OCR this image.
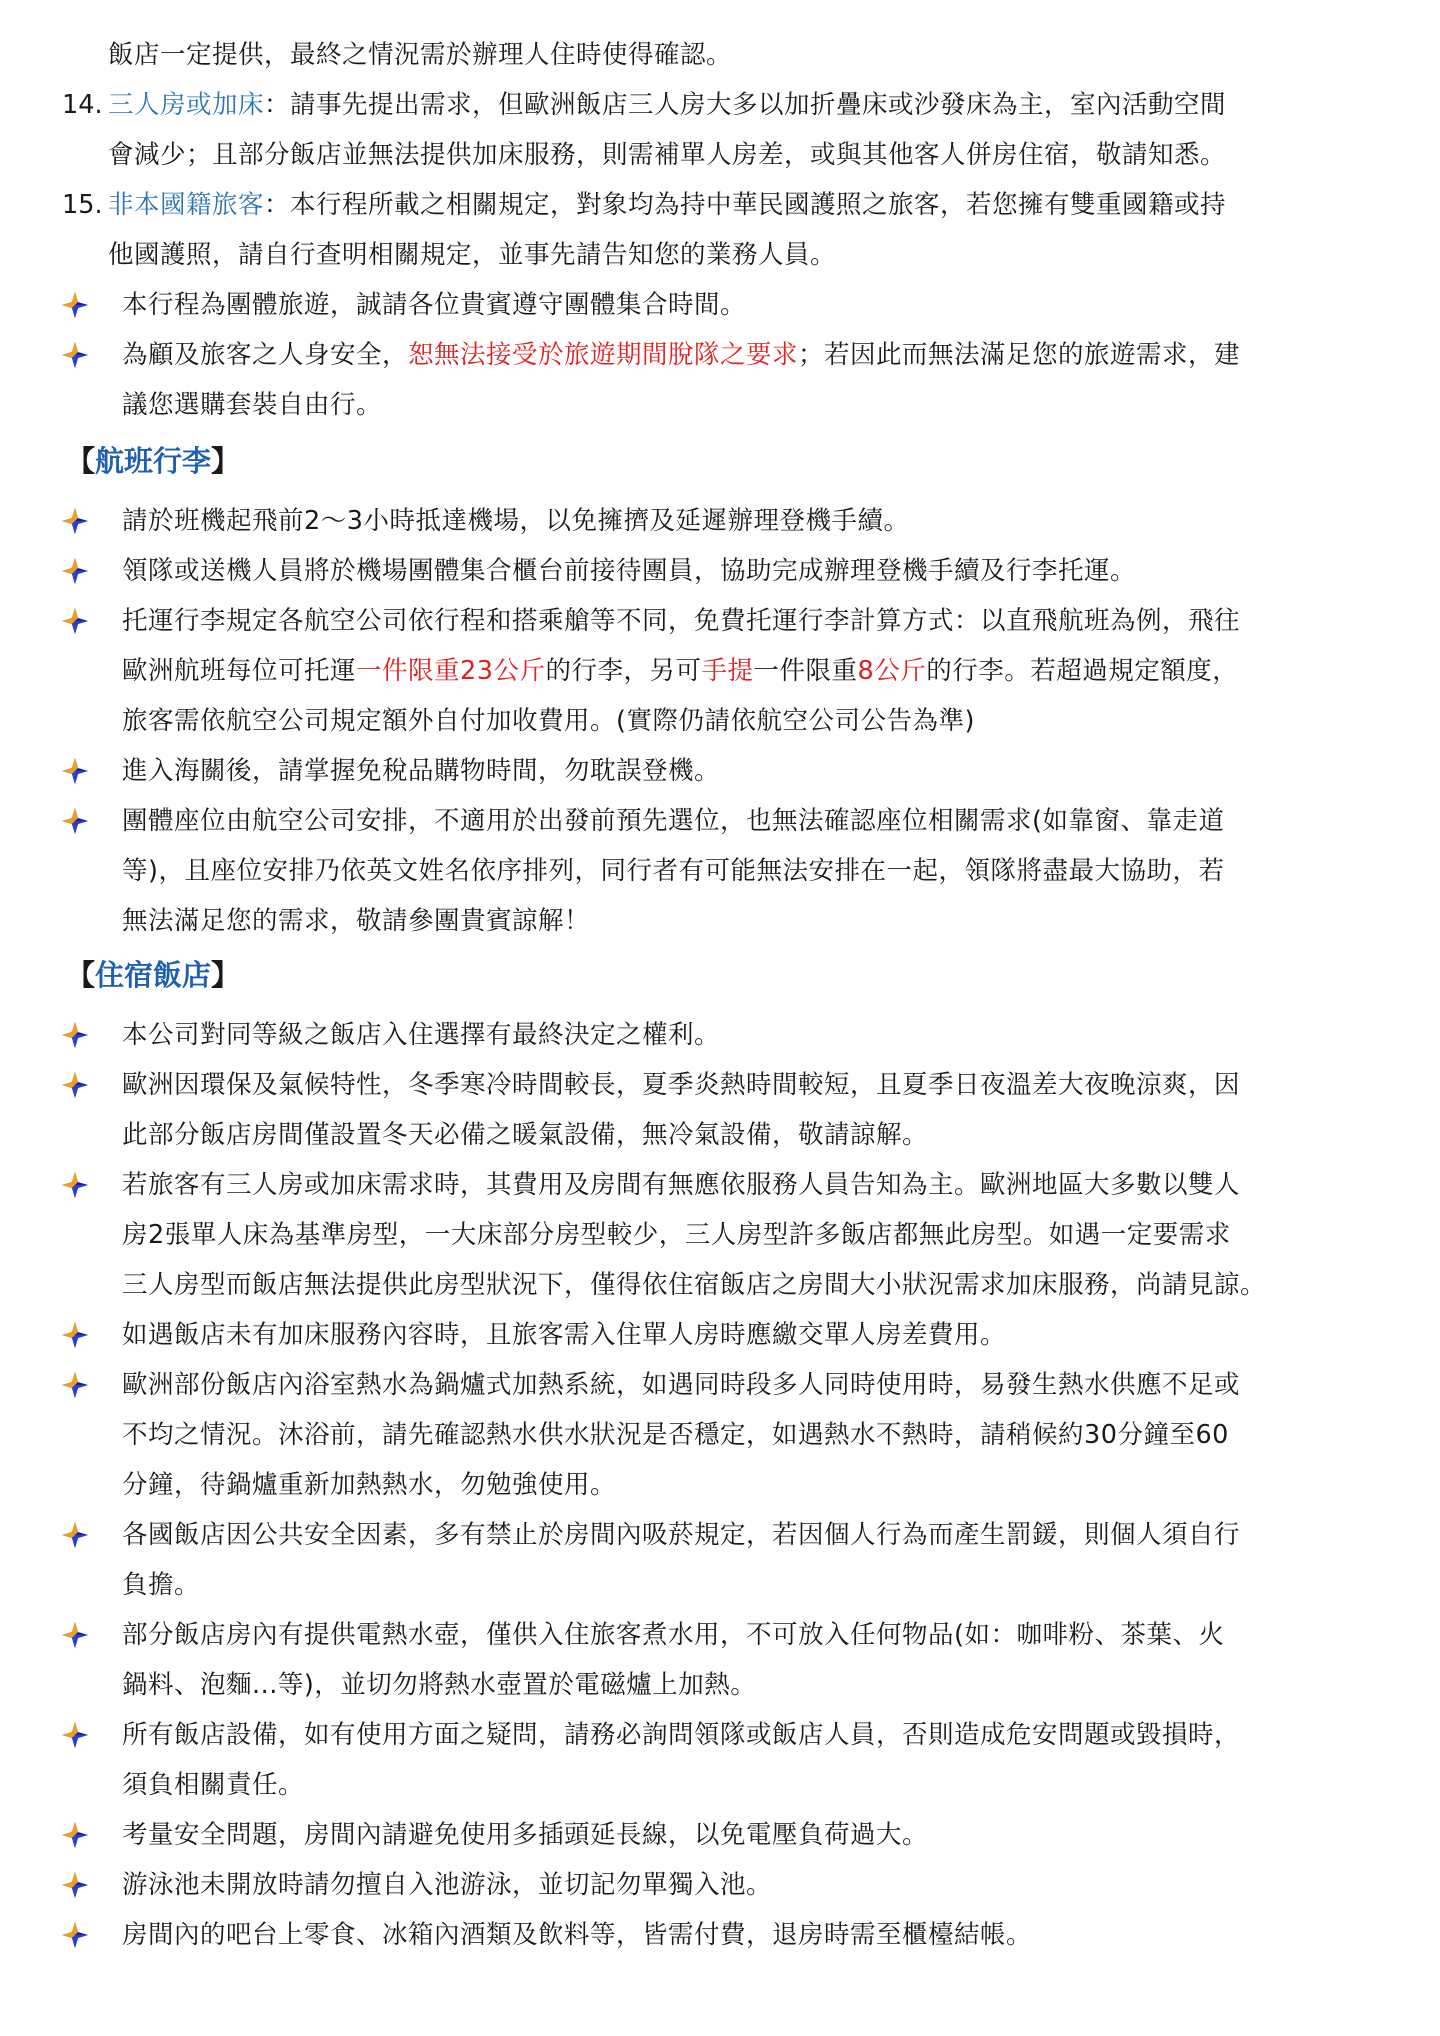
飯店一定提供，最終之情況需於辦理人住時使得確認。
14. 三人房或加床：請事先提出需求，但歐洲飯店三人房大多以加折疊床或沙發床為主，室內活動空間
會減少；且部分飯店並無法提供加床服務，則需補單人房差，或與其他客人併房住宿，敬請知悉。
15. 非本國籍旅客：本行程所載之相關規定，對象均為持中華民國護照之旅客，若您擁有雙重國籍或持
他國護照，請自行查明相關規定，並事先請告知您的業務人員。
本行程為團體旅遊，誠請各位貴賓遵守團體集合時間。
為顧及旅客之人身安全，恕無法接受於旅遊期間脫隊之要求；若因此而無法滿足您的旅遊需求，建
議您選購套裝自由行。
【航班行李】
請於班機起飛前2～3小時抵達機場，以免擁擠及延遲辦理登機手續。
領隊或送機人員將於機場團體集合櫃台前接待團員，協助完成辦理登機手續及行李托運。
托運行李規定各航空公司依行程和搭乘艙等不同，免費托運行李計算方式：以直飛航班為例，飛往
歐洲航班每位可托運一件限重23公斤的行李，另可手提一件限重8公斤的行李。若超過規定額度，
旅客需依航空公司規定額外自付加收費用。(實際仍請依航空公司公告為準)
進入海關後，請掌握免稅品購物時間，勿耽誤登機。
團體座位由航空公司安排，不適用於出發前預先選位，也無法確認座位相關需求(如靠窗、靠走道
等)，且座位安排乃依英文姓名依序排列，同行者有可能無法安排在一起，領隊將盡最大協助，若
無法滿足您的需求，敬請參團貴賓諒解！
【住宿飯店】
本公司對同等級之飯店入住選擇有最終決定之權利。
歐洲因環保及氣候特性，冬季寒冷時間較長，夏季炎熱時間較短，且夏季日夜溫差大夜晚涼爽，因
此部分飯店房間僅設置冬天必備之暖氣設備，無冷氣設備，敬請諒解。
若旅客有三人房或加床需求時，其費用及房間有無應依服務人員告知為主。歐洲地區大多數以雙人
房2張單人床為基準房型，一大床部分房型較少，三人房型許多飯店都無此房型。如遇一定要需求
三人房型而飯店無法提供此房型狀況下，僅得依住宿飯店之房間大小狀況需求加床服務，尚請見諒。
如遇飯店未有加床服務內容時，且旅客需入住單人房時應繳交單人房差費用。
歐洲部份飯店內浴室熱水為鍋爐式加熱系統，如遇同時段多人同時使用時，易發生熱水供應不足或
不均之情況。沐浴前，請先確認熱水供水狀況是否穩定，如遇熱水不熱時，請稍候約30分鐘至60
分鐘，待鍋爐重新加熱熱水，勿勉強使用。
各國飯店因公共安全因素，多有禁止於房間內吸菸規定，若因個人行為而產生罰鍰，則個人須自行
負擔。
部分飯店房內有提供電熱水壺，僅供入住旅客煮水用，不可放入任何物品(如：咖啡粉、茶葉、火
鍋料、泡麵...等)，並切勿將熱水壺置於電磁爐上加熱。
所有飯店設備，如有使用方面之疑問，請務必詢問領隊或飯店人員，否則造成危安問題或毀損時，
須負相關責任。
考量安全問題，房間內請避免使用多插頭延長線，以免電壓負荷過大。
游泳池未開放時請勿擅自入池游泳，並切記勿單獨入池。
房間內的吧台上零食、冰箱內酒類及飲料等，皆需付費，退房時需至櫃檯結帳。
